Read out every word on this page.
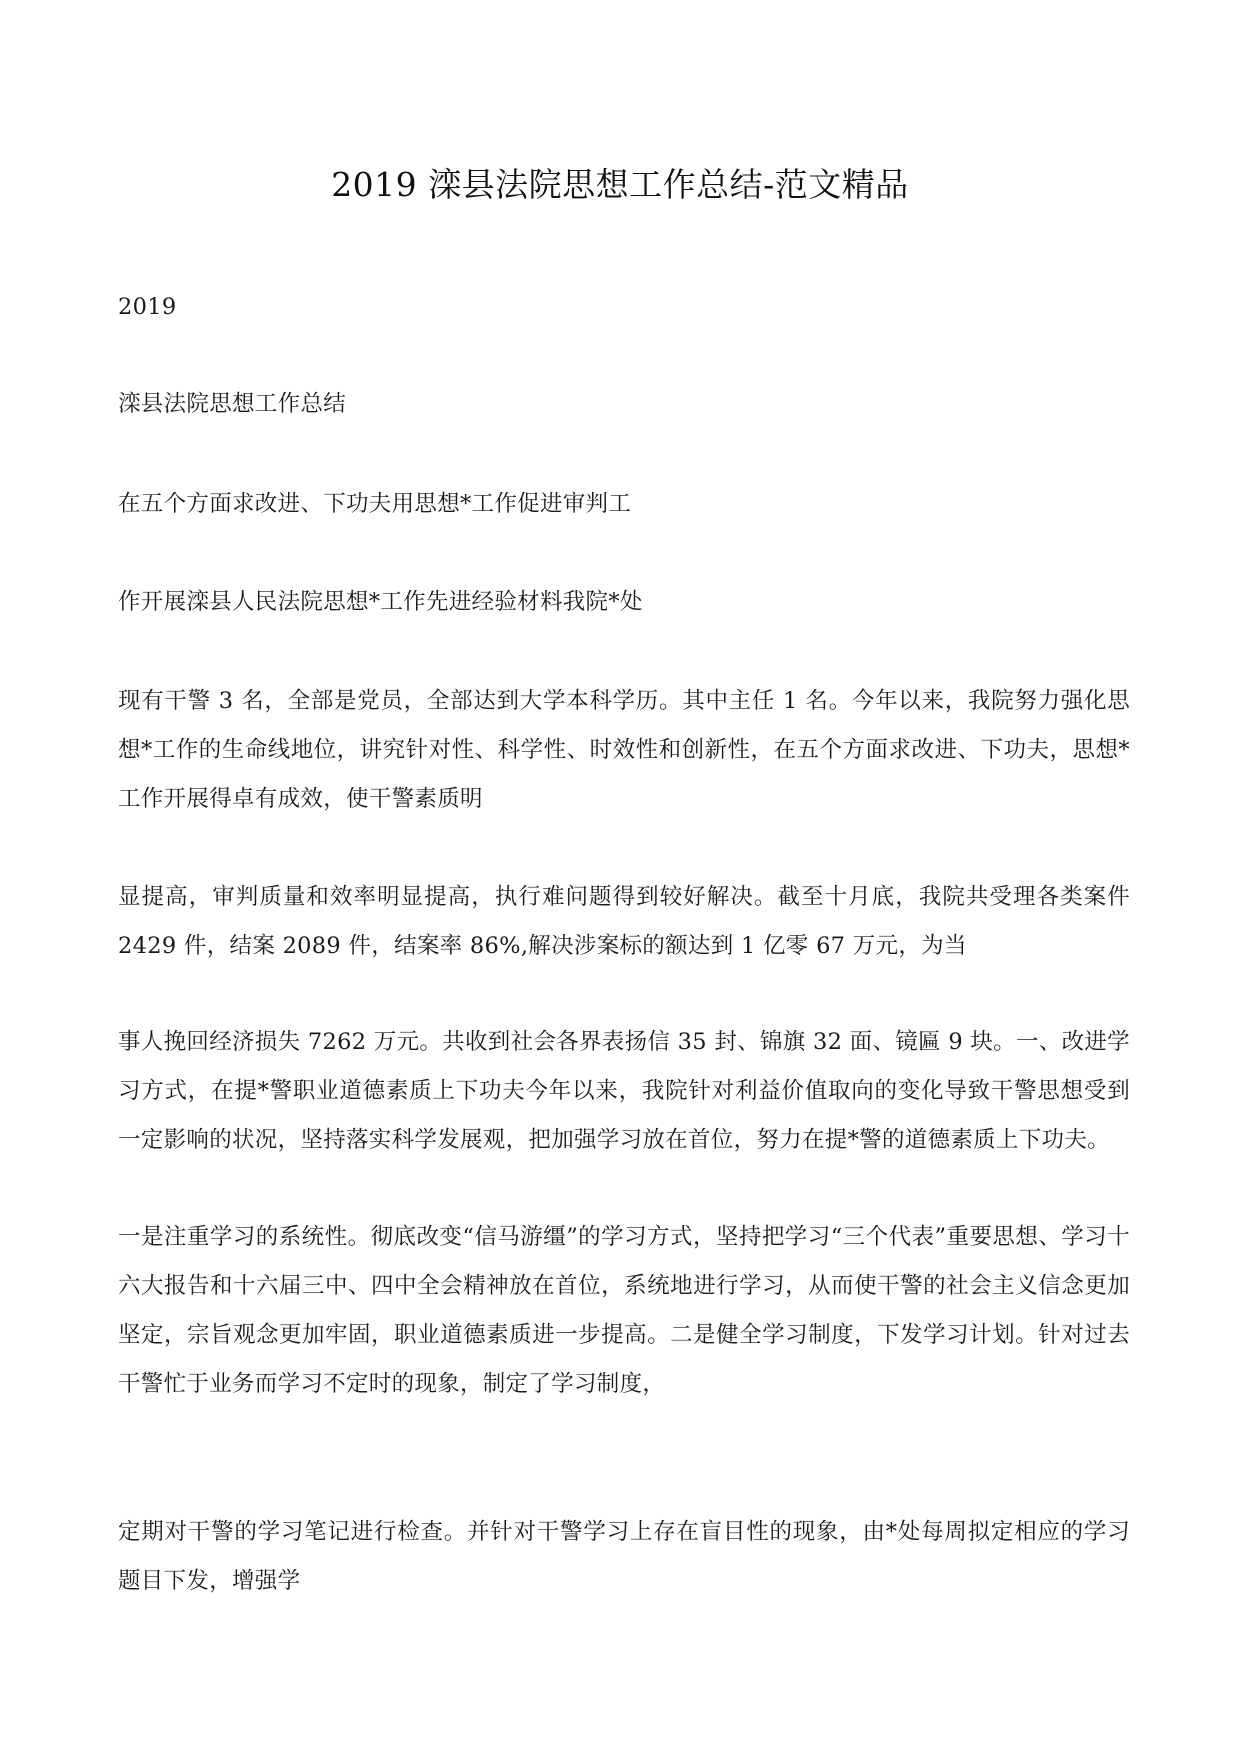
2019 滦县法院思想工作总结-范文精品
2019
滦县法院思想工作总结
在五个方面求改进、下功夫用思想*工作促进审判工
作开展滦县人民法院思想*工作先进经验材料我院*处
现有干警 3 名，全部是党员，全部达到大学本科学历。其中主任 1 名。今年以来，我院努力强化思想*工作的生命线地位，讲究针对性、科学性、时效性和创新性，在五个方面求改进、下功夫，思想*工作开展得卓有成效，使干警素质明
显提高，审判质量和效率明显提高，执行难问题得到较好解决。截至十月底，我院共受理各类案件 2429 件，结案 2089 件，结案率 86%,解决涉案标的额达到 1 亿零 67 万元，为当
事人挽回经济损失 7262 万元。共收到社会各界表扬信 35 封、锦旗 32 面、镜匾 9 块。一、改进学习方式，在提*警职业道德素质上下功夫今年以来，我院针对利益价值取向的变化导致干警思想受到一定影响的状况，坚持落实科学发展观，把加强学习放在首位，努力在提*警的道德素质上下功夫。
一是注重学习的系统性。彻底改变“信马游缰”的学习方式，坚持把学习“三个代表”重要思想、学习十六大报告和十六届三中、四中全会精神放在首位，系统地进行学习，从而使干警的社会主义信念更加坚定，宗旨观念更加牢固，职业道德素质进一步提高。二是健全学习制度，下发学习计划。针对过去干警忙于业务而学习不定时的现象，制定了学习制度，
定期对干警的学习笔记进行检查。并针对干警学习上存在盲目性的现象，由*处每周拟定相应的学习题目下发，增强学
